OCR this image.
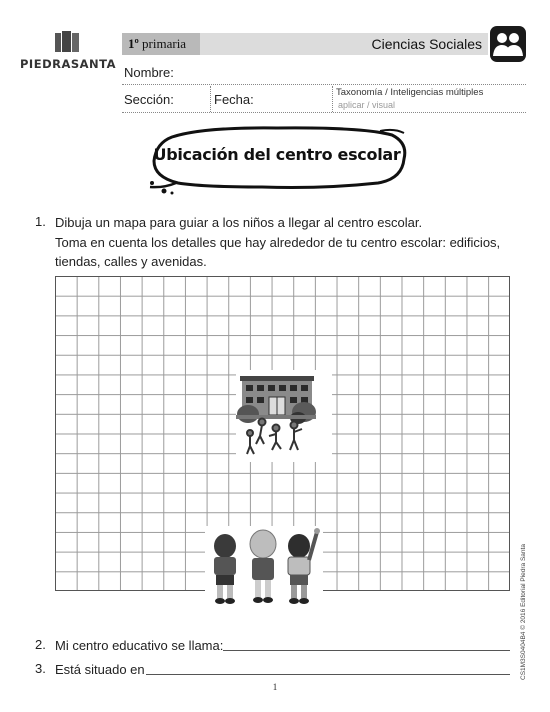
PIEDRASANTA
1º primaria	Ciencias Sociales
Nombre:
Sección:	Fecha:	Taxonomía / Inteligencias múltiples
aplicar / visual
Ubicación del centro escolar
1. Dibuja un mapa para guiar a los niños a llegar al centro escolar.
Toma en cuenta los detalles que hay alrededor de tu centro escolar: edificios, tiendas, calles y avenidas.
2. Mi centro educativo se llama:
3. Está situado en	CS1M3S0404B4 © 2016 Editorial Piedra Santa
1
